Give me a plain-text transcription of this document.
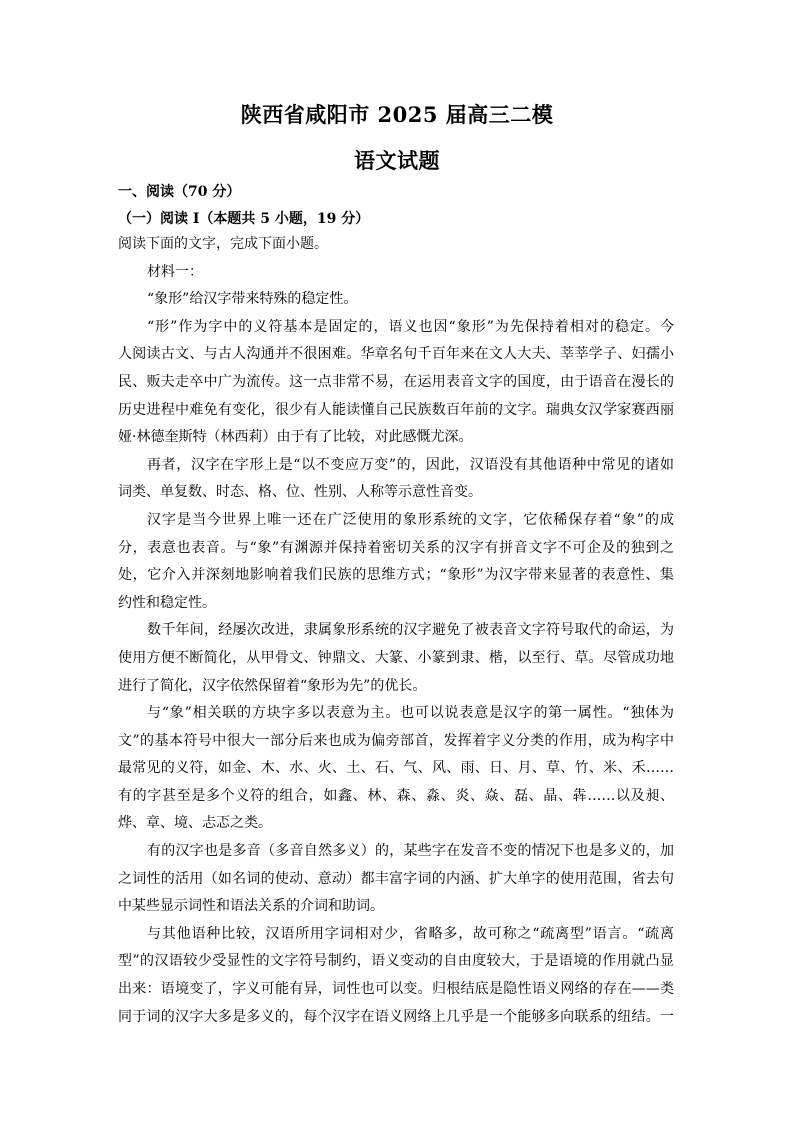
陕西省咸阳市 2025 届高三二模
语文试题
一、阅读（70 分）
（一）阅读 I（本题共 5 小题，19 分）
阅读下面的文字，完成下面小题。
材料一：
“象形”给汉字带来特殊的稳定性。
“形”作为字中的义符基本是固定的，语义也因“象形”为先保持着相对的稳定。今
人阅读古文、与古人沟通并不很困难。华章名句千百年来在文人大夫、莘莘学子、妇孺小
民、贩夫走卒中广为流传。这一点非常不易，在运用表音文字的国度，由于语音在漫长的
历史进程中难免有变化，很少有人能读懂自己民族数百年前的文字。瑞典女汉学家赛西丽
娅·林德奎斯特（林西莉）由于有了比较，对此感慨尤深。
再者，汉字在字形上是“以不变应万变”的，因此，汉语没有其他语种中常见的诸如
词类、单复数、时态、格、位、性别、人称等示意性音变。
汉字是当今世界上唯一还在广泛使用的象形系统的文字，它依稀保存着“象”的成
分，表意也表音。与“象”有渊源并保持着密切关系的汉字有拼音文字不可企及的独到之
处，它介入并深刻地影响着我们民族的思维方式；“象形”为汉字带来显著的表意性、集
约性和稳定性。
数千年间，经屡次改进，隶属象形系统的汉字避免了被表音文字符号取代的命运，为
使用方便不断简化，从甲骨文、钟鼎文、大篆、小篆到隶、楷，以至行、草。尽管成功地
进行了简化，汉字依然保留着“象形为先”的优长。
与“象”相关联的方块字多以表意为主。也可以说表意是汉字的第一属性。“独体为
文”的基本符号中很大一部分后来也成为偏旁部首，发挥着字义分类的作用，成为构字中
最常见的义符，如金、木、水、火、土、石、气、风、雨、日、月、草、竹、米、禾……
有的字甚至是多个义符的组合，如鑫、林、森、淼、炎、焱、磊、晶、犇……以及昶、
烨、章、境、忐忑之类。
有的汉字也是多音（多音自然多义）的，某些字在发音不变的情况下也是多义的，加
之词性的活用（如名词的使动、意动）都丰富字词的内涵、扩大单字的使用范围，省去句
中某些显示词性和语法关系的介词和助词。
与其他语种比较，汉语所用字词相对少，省略多，故可称之“疏离型”语言。“疏离
型”的汉语较少受显性的文字符号制约，语义变动的自由度较大，于是语境的作用就凸显
出来：语境变了，字义可能有异，词性也可以变。归根结底是隐性语义网络的存在——类
同于词的汉字大多是多义的，每个汉字在语义网络上几乎是一个能够多向联系的纽结。一
